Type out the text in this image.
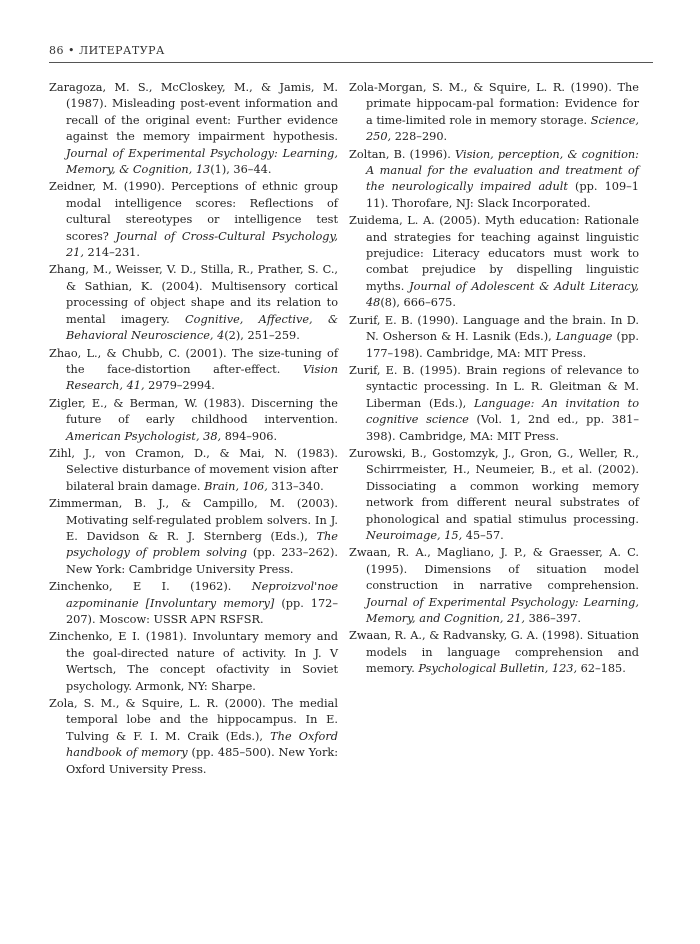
86 • ЛИТЕРАТУРА

Zaragoza, M. S., McCloskey, M., & Jamis, M. (1987). Misleading post-event information and recall of the original event: Further evidence against the memory impairment hypothesis. Journal of Experimental Psychology: Learning, Memory, & Cognition, 13(1), 36–44.

Zeidner, M. (1990). Perceptions of ethnic group modal intelligence scores: Reflections of cultural stereotypes or intelligence test scores? Journal of Cross-Cultural Psychology, 21, 214–231.

Zhang, M., Weisser, V. D., Stilla, R., Prather, S. C., & Sathian, K. (2004). Multisensory cortical processing of object shape and its relation to mental imagery. Cognitive, Affective, & Behavioral Neuroscience, 4(2), 251–259.

Zhao, L., & Chubb, C. (2001). The size-tuning of the face-distortion after-effect. Vision Research, 41, 2979–2994.

Zigler, E., & Berman, W. (1983). Discerning the future of early childhood intervention. American Psychologist, 38, 894–906.

Zihl, J., von Cramon, D., & Mai, N. (1983). Selective disturbance of movement vision after bilateral brain damage. Brain, 106, 313–340.

Zimmerman, B. J., & Campillo, M. (2003). Motivating self-regulated problem solvers. In J. E. Davidson & R. J. Sternberg (Eds.), The psychology of problem solving (pp. 233–262). New York: Cambridge University Press.

Zinchenko, E I. (1962). Neproizvol'noe azpominanie [Involuntary memory] (pp. 172–207). Moscow: USSR APN RSFSR.

Zinchenko, E I. (1981). Involuntary memory and the goal-directed nature of activity. In J. V Wertsch, The concept ofactivity in Soviet psychology. Armonk, NY: Sharpe.

Zola, S. M., & Squire, L. R. (2000). The medial temporal lobe and the hippocampus. In E. Tulving & F. I. M. Craik (Eds.), The Oxford handbook of memory (pp. 485–500). New York: Oxford University Press.

Zola-Morgan, S. M., & Squire, L. R. (1990). The primate hippocam-pal formation: Evidence for a time-limited role in memory storage. Science, 250, 228–290.

Zoltan, B. (1996). Vision, perception, & cognition: A manual for the evaluation and treatment of the neurologically impaired adult (pp. 109–1 11). Thorofare, NJ: Slack Incorporated.

Zuidema, L. A. (2005). Myth education: Rationale and strategies for teaching against linguistic prejudice: Literacy educators must work to combat prejudice by dispelling linguistic myths. Journal of Adolescent & Adult Literacy, 48(8), 666–675.

Zurif, E. B. (1990). Language and the brain. In D. N. Osherson & H. Lasnik (Eds.), Language (pp. 177–198). Cambridge, MA: MIT Press.

Zurif, E. B. (1995). Brain regions of relevance to syntactic processing. In L. R. Gleitman & M. Liberman (Eds.), Language: An invitation to cognitive science (Vol. 1, 2nd ed., pp. 381–398). Cambridge, MA: MIT Press.

Zurowski, B., Gostomzyk, J., Gron, G., Weller, R., Schirrmeister, H., Neumeier, B., et al. (2002). Dissociating a common working memory network from different neural substrates of phonological and spatial stimulus processing. Neuroimage, 15, 45–57.

Zwaan, R. A., Magliano, J. P., & Graesser, A. C. (1995). Dimensions of situation model construction in narrative comprehension. Journal of Experimental Psychology: Learning, Memory, and Cognition, 21, 386–397.

Zwaan, R. A., & Radvansky, G. A. (1998). Situation models in language comprehension and memory. Psychological Bulletin, 123, 62–185.
